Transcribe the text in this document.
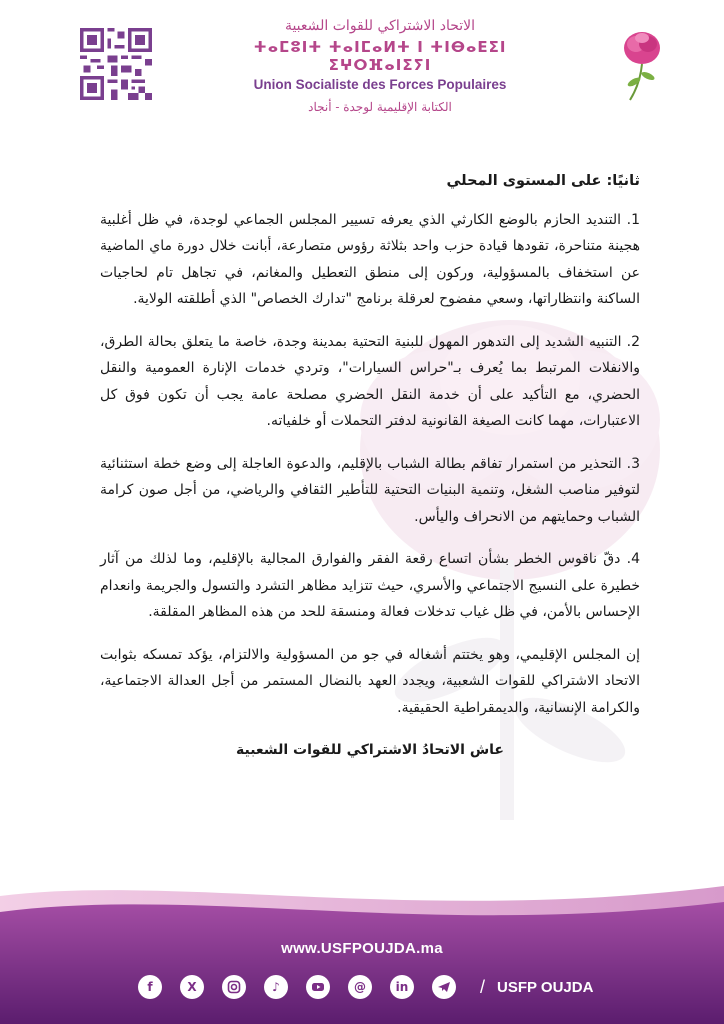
الاتحاد الاشتراكي للقوات الشعبية
ⵜⴰⵎⵓⵏⵜ ⵜⴰⵏⵎⴰⵍⵜ ⵏ ⵜⵏⴱⴰⴹⵉⵏ ⵉⵖⵔⴼⴰⵏⵉⵢⵏ
Union Socialiste des Forces Populaires
الكتابة الإقليمية لوجدة - أنجاد
ثانيًا: على المستوى المحلي

1. التنديد الحازم بالوضع الكارثي الذي يعرفه تسيير المجلس الجماعي لوجدة، في ظل أغلبية هجينة متناحرة، تقودها قيادة حزب واحد بثلاثة رؤوس متصارعة، أبانت خلال دورة ماي الماضية عن استخفاف بالمسؤولية، وركون إلى منطق التعطيل والمغانم، في تجاهل تام لحاجيات الساكنة وانتظاراتها، وسعي مفضوح لعرقلة برنامج "تدارك الخصاص" الذي أطلقته الولاية.

2. التنبيه الشديد إلى التدهور المهول للبنية التحتية بمدينة وجدة، خاصة ما يتعلق بحالة الطرق، والانفلات المرتبط بما يُعرف بـ"حراس السيارات"، وتردي خدمات الإنارة العمومية والنقل الحضري، مع التأكيد على أن خدمة النقل الحضري مصلحة عامة يجب أن تكون فوق كل الاعتبارات، مهما كانت الصيغة القانونية لدفتر التحملات أو خلفياته.

3. التحذير من استمرار تفاقم بطالة الشباب بالإقليم، والدعوة العاجلة إلى وضع خطة استثنائية لتوفير مناصب الشغل، وتنمية البنيات التحتية للتأطير الثقافي والرياضي، من أجل صون كرامة الشباب وحمايتهم من الانحراف واليأس.

4. دقّ ناقوس الخطر بشأن اتساع رقعة الفقر والفوارق المجالية بالإقليم، وما لذلك من آثار خطيرة على النسيج الاجتماعي والأسري، حيث تتزايد مظاهر التشرد والتسول والجريمة وانعدام الإحساس بالأمن، في ظل غياب تدخلات فعالة ومنسقة للحد من هذه المظاهر المقلقة.

إن المجلس الإقليمي، وهو يختتم أشغاله في جو من المسؤولية والالتزام، يؤكد تمسكه بثوابت الاتحاد الاشتراكي للقوات الشعبية، ويجدد العهد بالنضال المستمر من أجل العدالة الاجتماعية، والكرامة الإنسانية، والديمقراطية الحقيقية.

عاش الاتحادُ الاشتراكي للقوات الشعبية
www.USFPOUJDA.ma
f	X	♪	@	in	/ USFP OUJDA
